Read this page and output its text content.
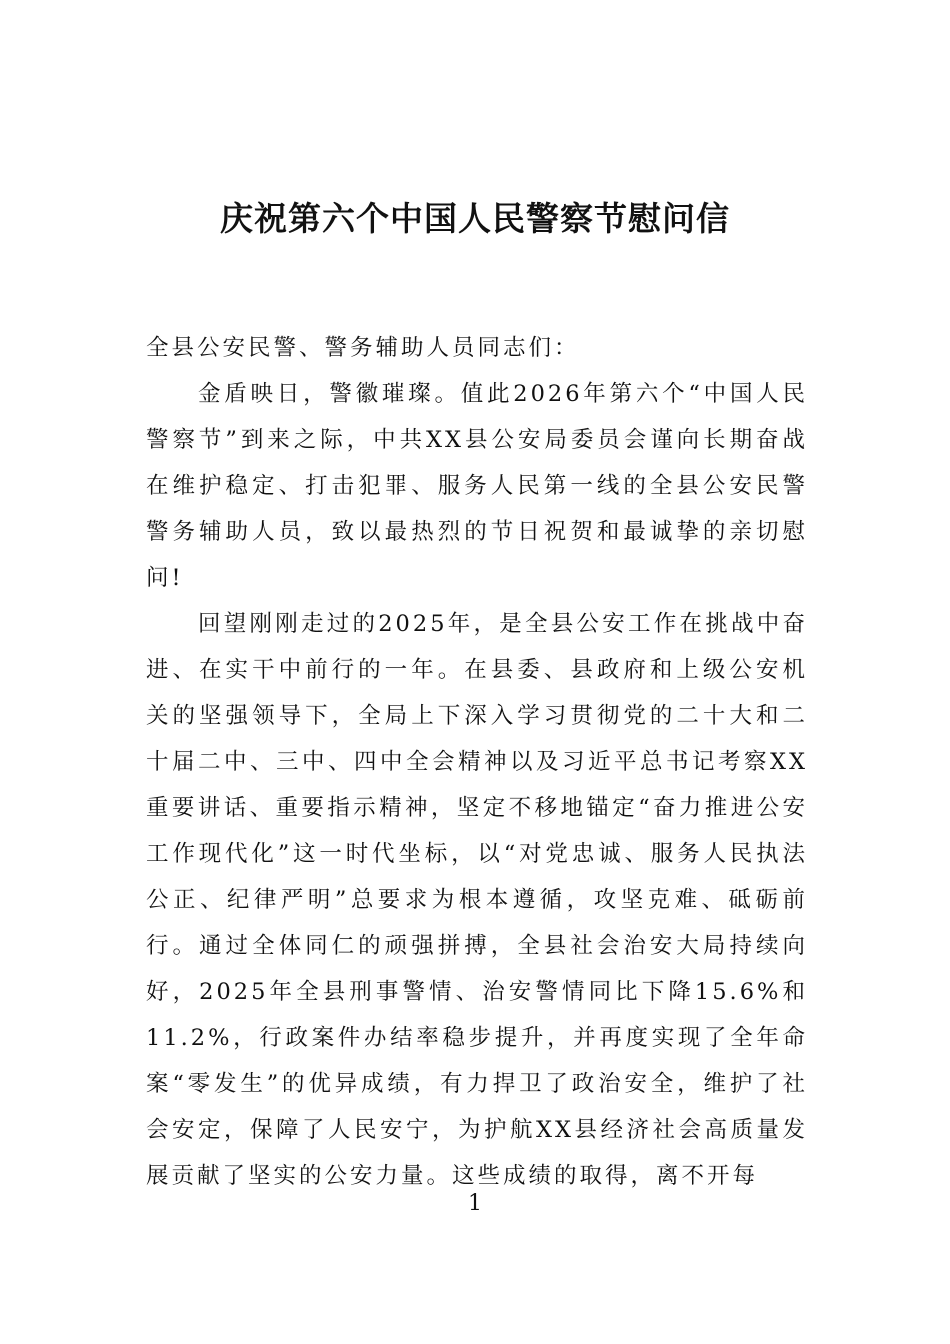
庆祝第六个中国人民警察节慰问信

全县公安民警、警务辅助人员同志们：

金盾映日，警徽璀璨。值此2026年第六个“中国人民警察节”到来之际，中共XX县公安局委员会谨向长期奋战在维护稳定、打击犯罪、服务人民第一线的全县公安民警警务辅助人员，致以最热烈的节日祝贺和最诚挚的亲切慰问!

回望刚刚走过的2025年，是全县公安工作在挑战中奋进、在实干中前行的一年。在县委、县政府和上级公安机关的坚强领导下，全局上下深入学习贯彻党的二十大和二十届二中、三中、四中全会精神以及习近平总书记考察XX重要讲话、重要指示精神，坚定不移地锚定“奋力推进公安工作现代化”这一时代坐标，以“对党忠诚、服务人民执法公正、纪律严明”总要求为根本遵循，攻坚克难、砥砺前行。通过全体同仁的顽强拼搏，全县社会治安大局持续向好，2025年全县刑事警情、治安警情同比下降15.6%和11.2%，行政案件办结率稳步提升，并再度实现了全年命案“零发生”的优异成绩，有力捍卫了政治安全，维护了社会安定，保障了人民安宁，为护航XX县经济社会高质量发展贡献了坚实的公安力量。这些成绩的取得，离不开每

1
